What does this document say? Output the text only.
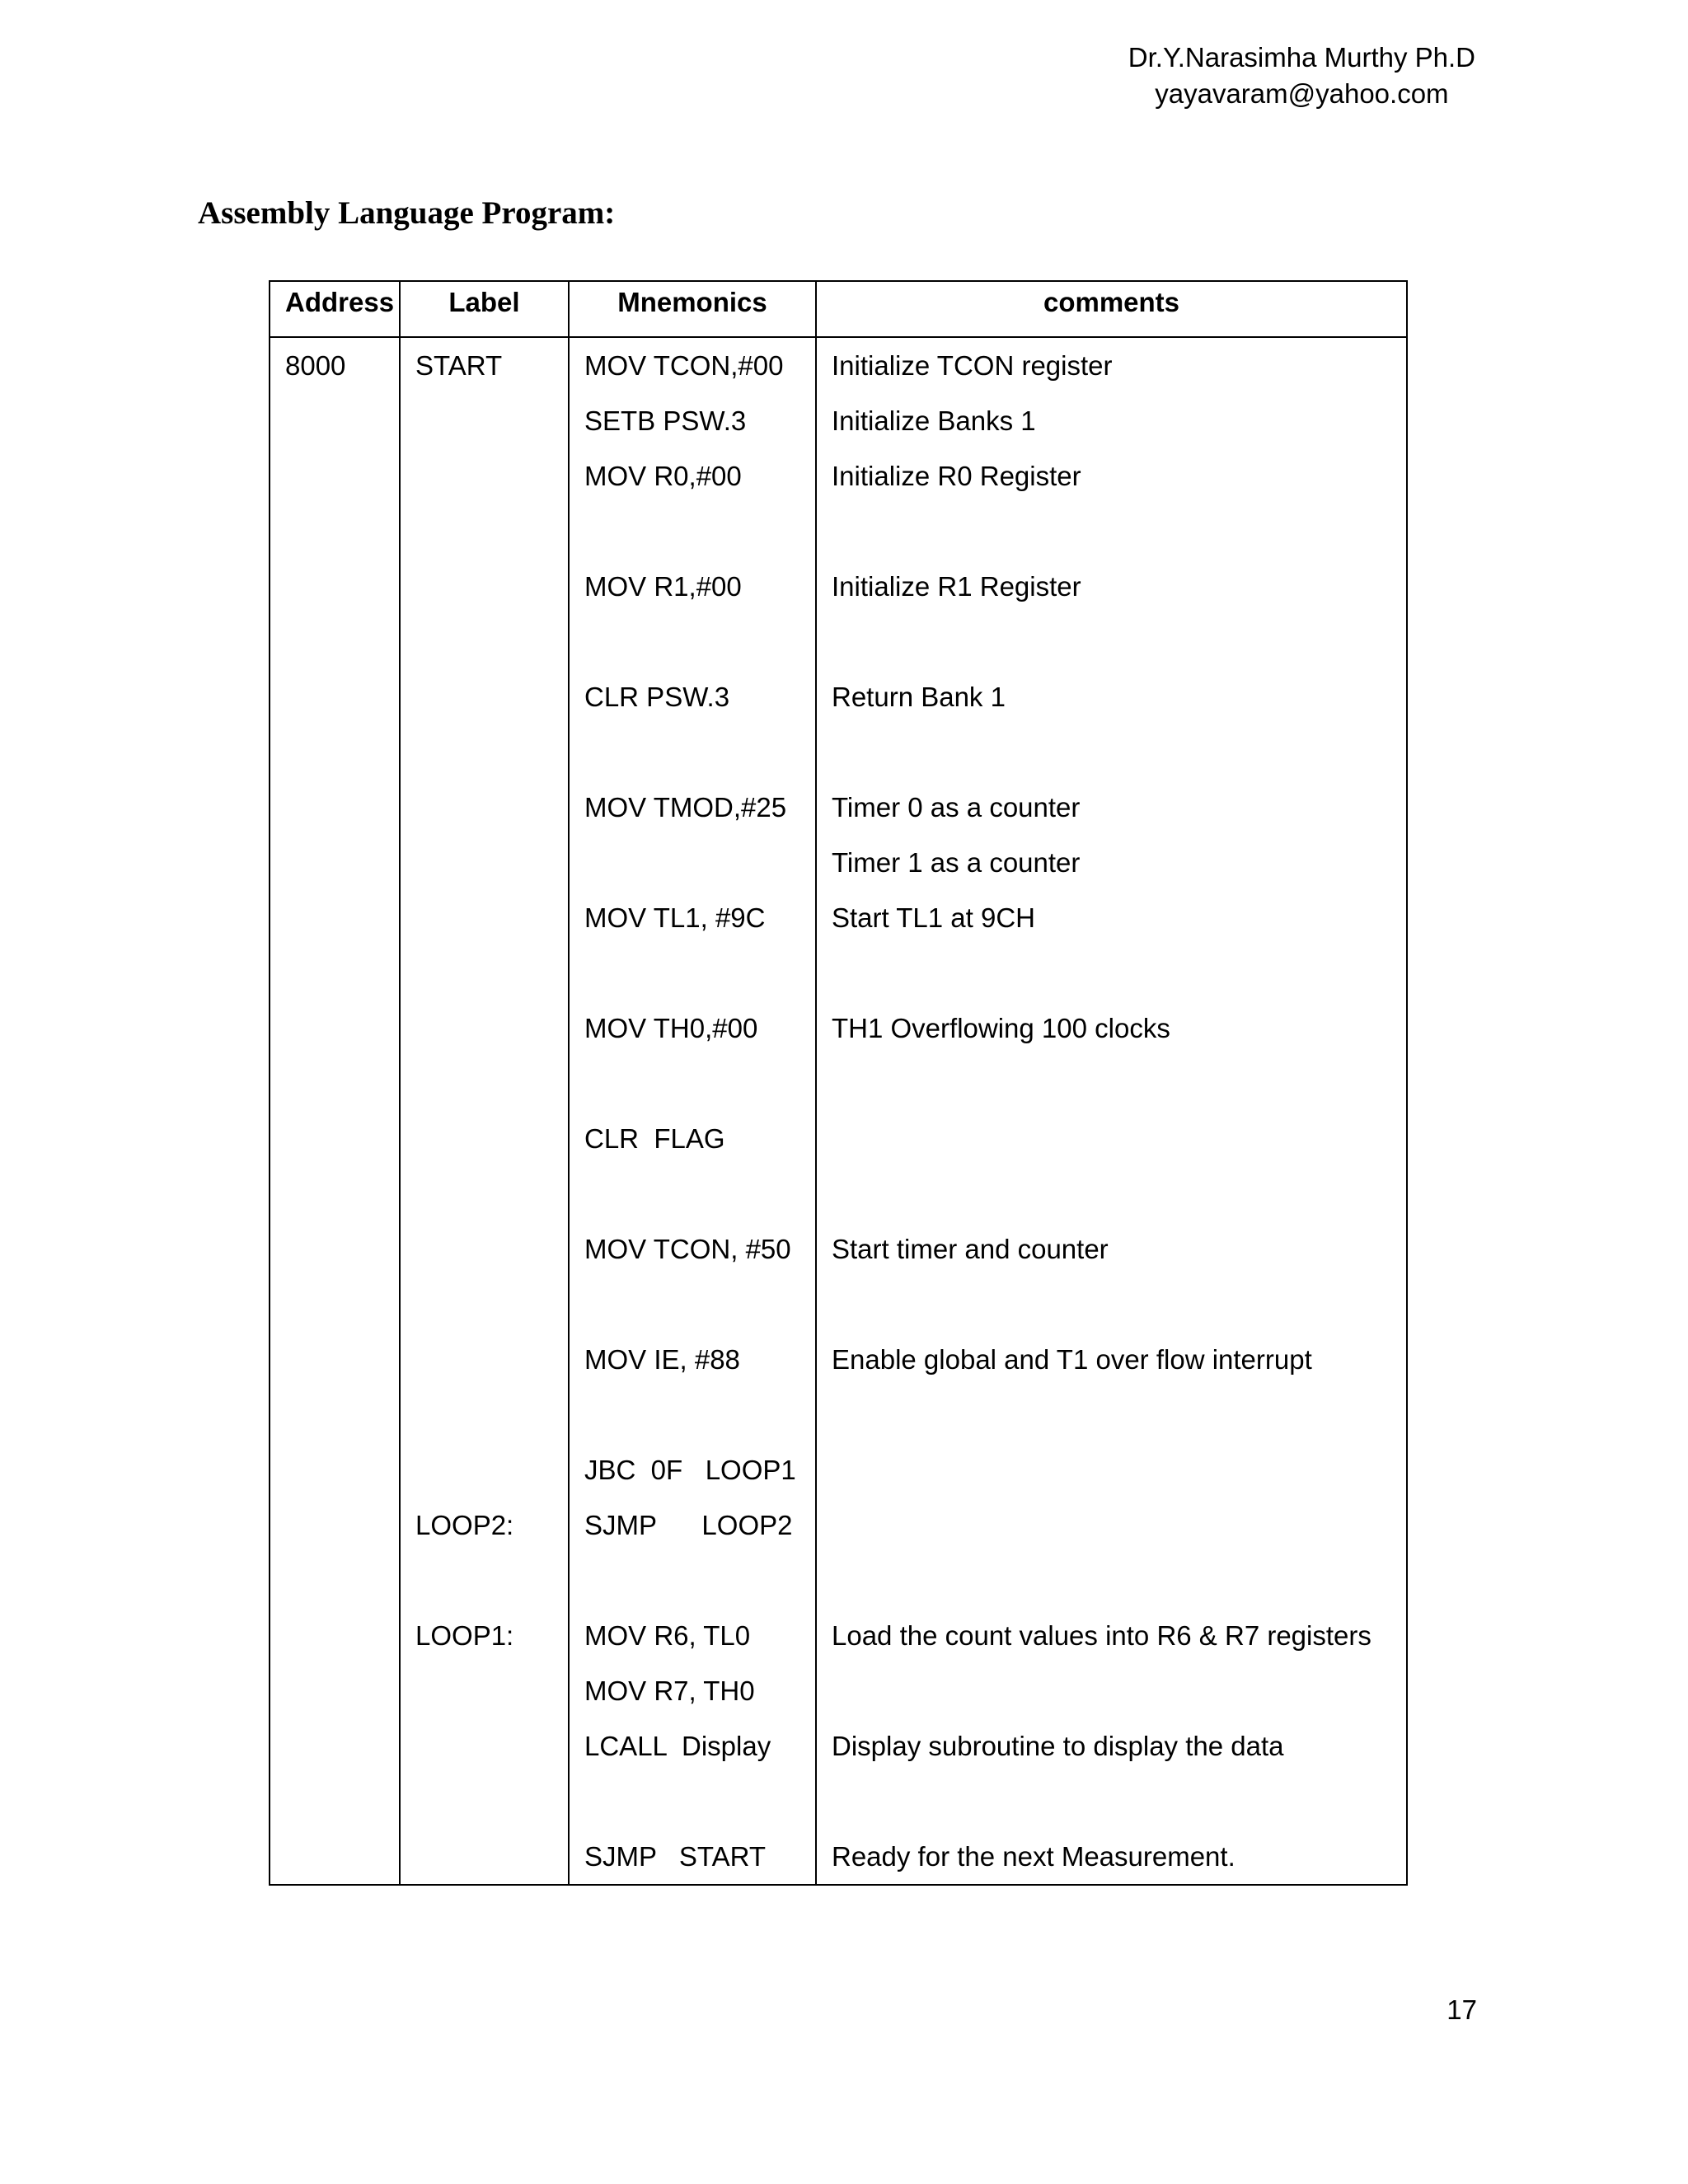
Dr.Y.Narasimha Murthy Ph.D
yayavaram@yahoo.com
Assembly Language Program:
Address	Label	Mnemonics	comments
8000	START	MOV TCON,#00	Initialize TCON register
		SETB PSW.3	Initialize Banks 1
		MOV R0,#00	Initialize R0 Register

		MOV R1,#00	Initialize R1 Register

		CLR PSW.3	Return Bank 1

		MOV TMOD,#25	Timer 0 as a counter
			Timer 1 as a counter
		MOV TL1, #9C	Start TL1 at 9CH

		MOV TH0,#00	TH1 Overflowing 100 clocks

		CLR  FLAG	

		MOV TCON, #50	Start timer and counter

		MOV IE, #88	Enable global and T1 over flow interrupt

		JBC  0F   LOOP1	
	LOOP2:	SJMP      LOOP2	

	LOOP1:	MOV R6, TL0	Load the count values into R6 & R7 registers
		MOV R7, TH0	
		LCALL  Display	Display subroutine to display the data

		SJMP   START	Ready for the next Measurement.
17
